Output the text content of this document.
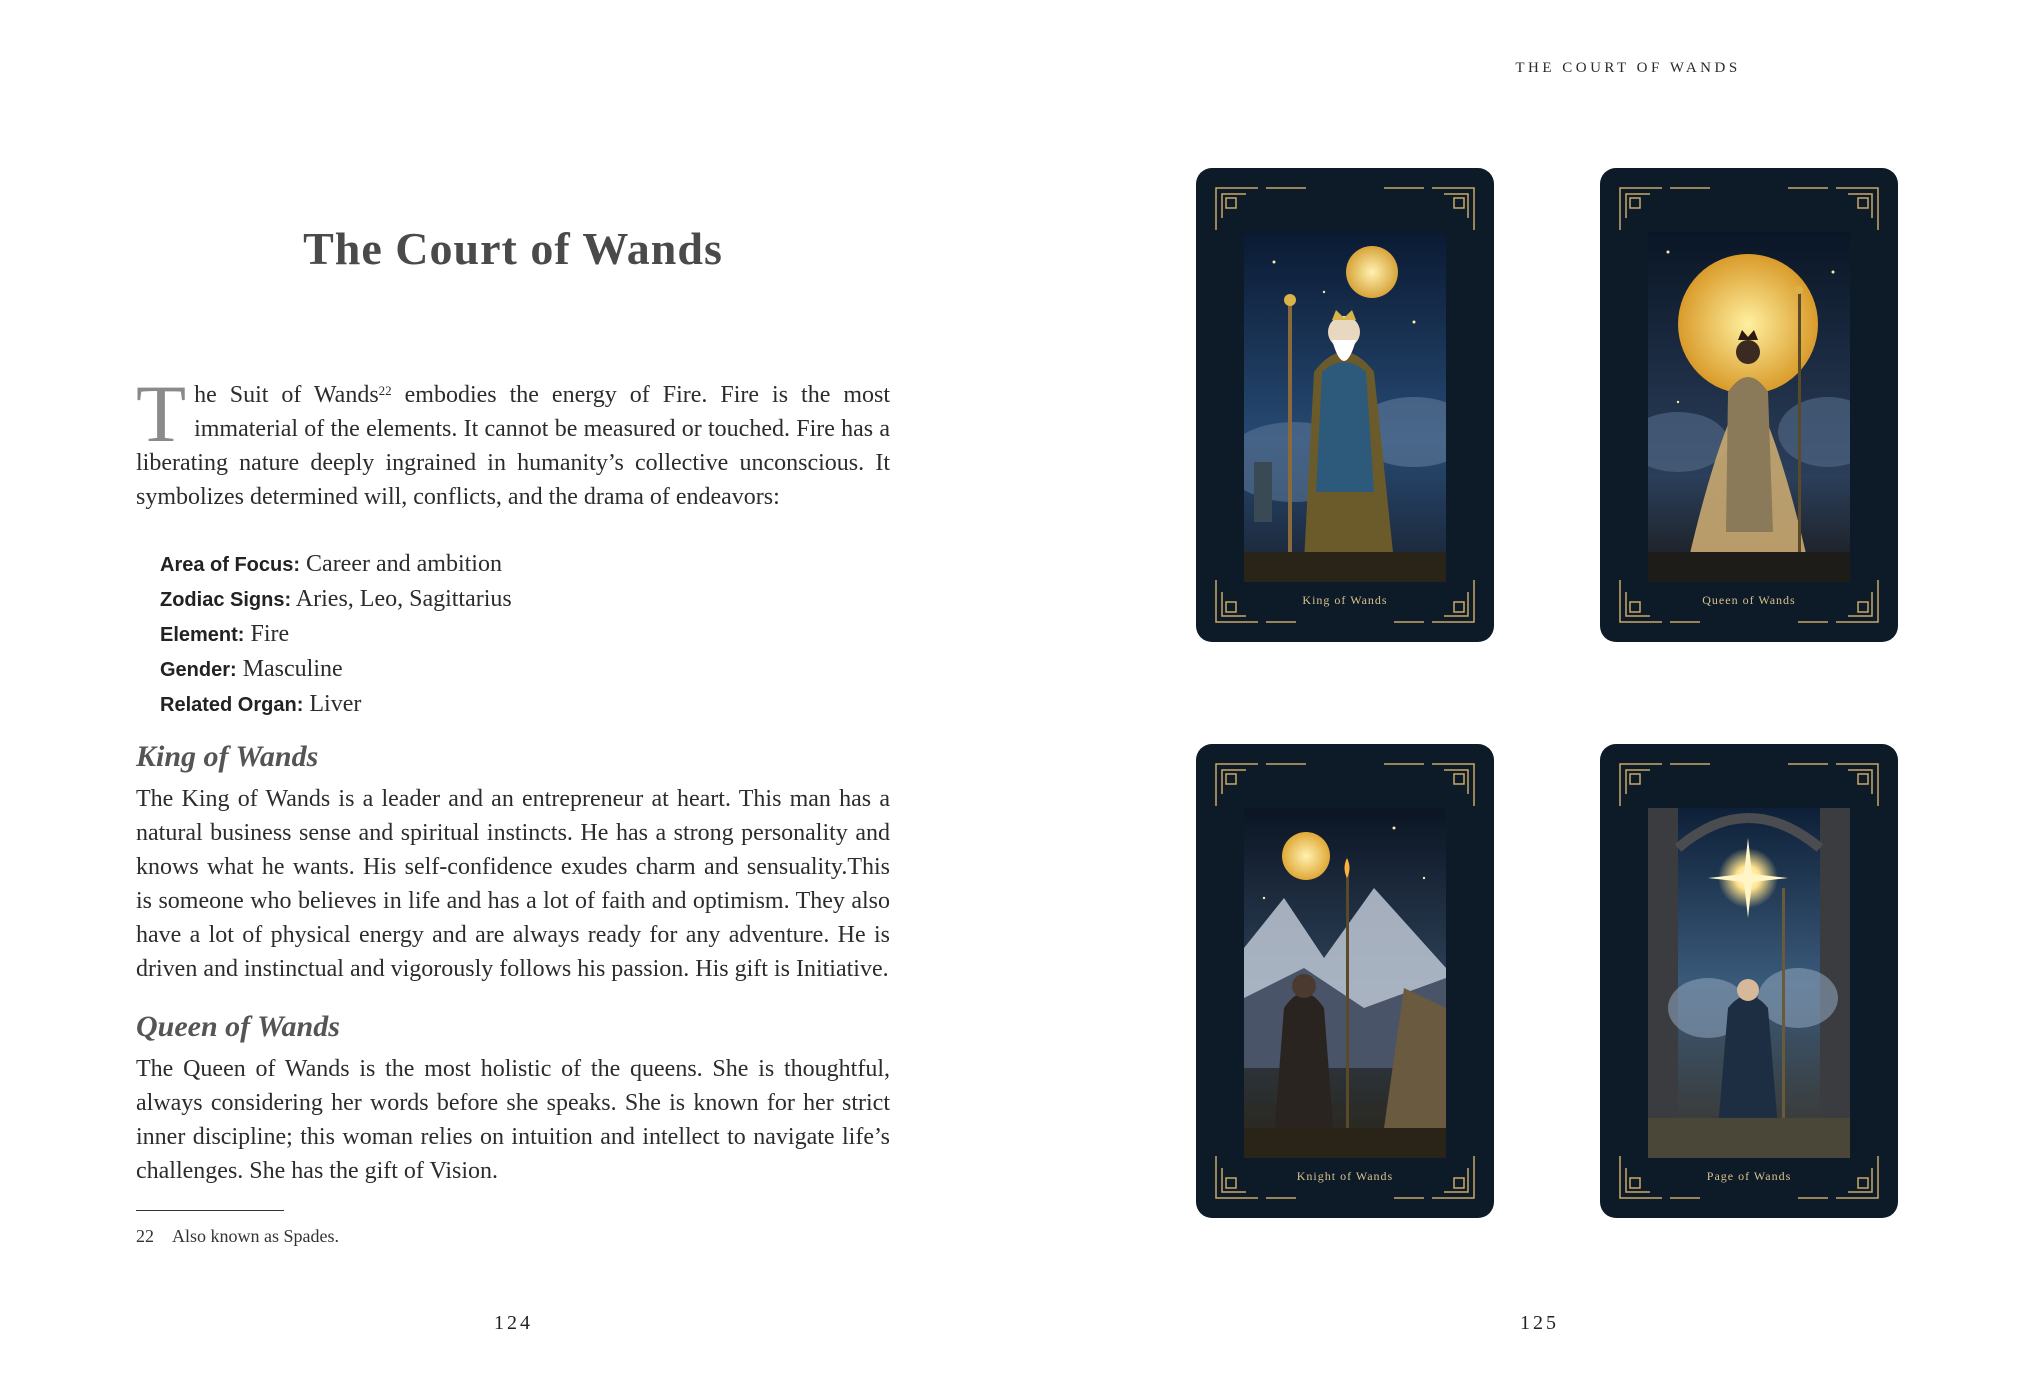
The Court of Wands

The Suit of Wands$^{22}$ embodies the energy of Fire. Fire is the most immaterial of the elements. It cannot be measured or touched. Fire has a liberating nature deeply ingrained in humanity’s collective unconscious. It symbolizes determined will, conflicts, and the drama of endeavors:

Area of Focus: Career and ambition
Zodiac Signs: Aries, Leo, Sagittarius
Element: Fire
Gender: Masculine
Related Organ: Liver
King of Wands

The King of Wands is a leader and an entrepreneur at heart. This man has a natural business sense and spiritual instincts. He has a strong personality and knows what he wants. His self-confidence exudes charm and sensuality.This is someone who believes in life and has a lot of faith and optimism. They also have a lot of physical energy and are always ready for any adventure. He is driven and instinctual and vigorously follows his passion. His gift is Initiative.

Queen of Wands

The Queen of Wands is the most holistic of the queens. She is thoughtful, always considering her words before she speaks. She is known for her strict inner discipline; this woman relies on intuition and intellect to navigate life’s challenges. She has the gift of Vision.

22 Also known as Spades.
124
THE COURT OF WANDS
King of Wands	Queen of Wands
Knight of Wands	Page of Wands
125
